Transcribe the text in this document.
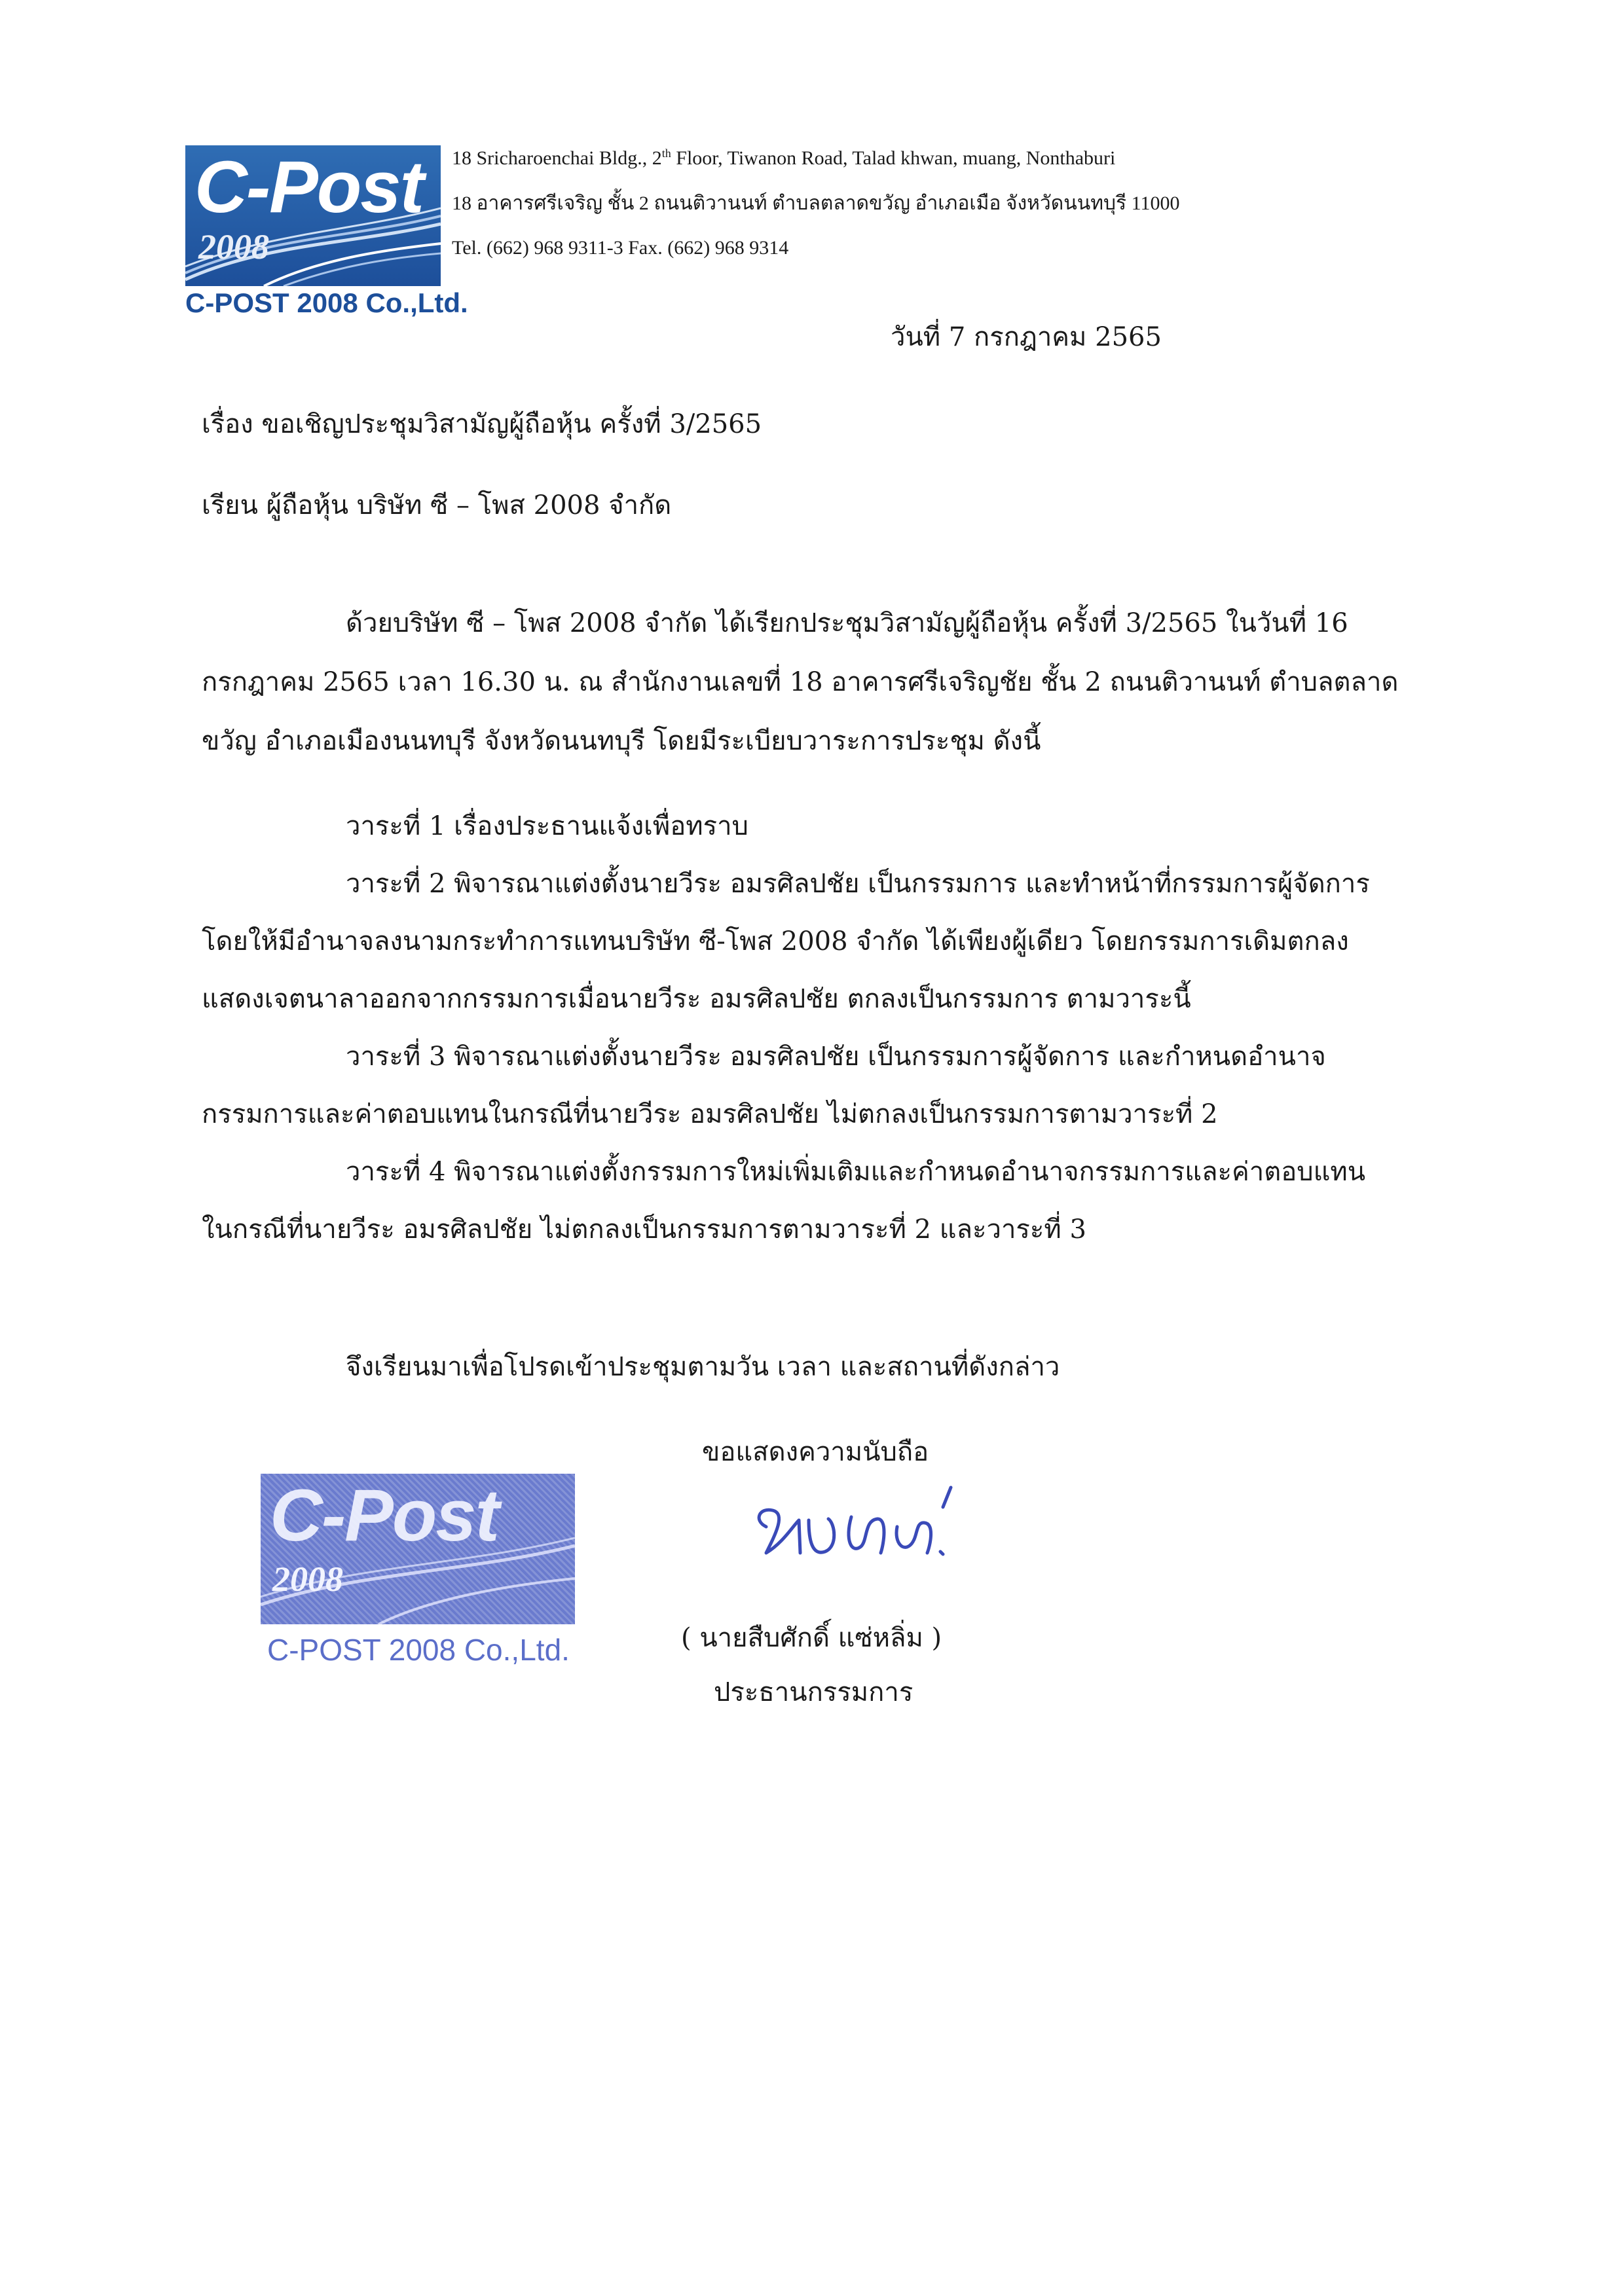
C-Post
2008
C-POST 2008 Co.,Ltd.
18 Sricharoenchai Bldg., 2th Floor, Tiwanon Road, Talad khwan, muang, Nonthaburi
18 อาคารศรีเจริญ ชั้น 2 ถนนติวานนท์ ตำบลตลาดขวัญ อำเภอเมือ จังหวัดนนทบุรี 11000
Tel. (662) 968 9311-3 Fax. (662) 968 9314
วันที่ 7 กรกฎาคม 2565
เรื่อง ขอเชิญประชุมวิสามัญผู้ถือหุ้น ครั้งที่ 3/2565
เรียน ผู้ถือหุ้น บริษัท ซี – โพส 2008 จำกัด
ด้วยบริษัท ซี – โพส 2008 จำกัด ได้เรียกประชุมวิสามัญผู้ถือหุ้น ครั้งที่ 3/2565 ในวันที่ 16
กรกฎาคม 2565 เวลา 16.30 น. ณ สำนักงานเลขที่ 18 อาคารศรีเจริญชัย ชั้น 2 ถนนติวานนท์ ตำบลตลาด
ขวัญ อำเภอเมืองนนทบุรี จังหวัดนนทบุรี โดยมีระเบียบวาระการประชุม ดังนี้
วาระที่ 1 เรื่องประธานแจ้งเพื่อทราบ
วาระที่ 2 พิจารณาแต่งตั้งนายวีระ อมรศิลปชัย เป็นกรรมการ และทำหน้าที่กรรมการผู้จัดการ
โดยให้มีอำนาจลงนามกระทำการแทนบริษัท ซี-โพส 2008 จำกัด ได้เพียงผู้เดียว โดยกรรมการเดิมตกลง
แสดงเจตนาลาออกจากกรรมการเมื่อนายวีระ อมรศิลปชัย ตกลงเป็นกรรมการ ตามวาระนี้
วาระที่ 3 พิจารณาแต่งตั้งนายวีระ อมรศิลปชัย เป็นกรรมการผู้จัดการ และกำหนดอำนาจ
กรรมการและค่าตอบแทนในกรณีที่นายวีระ อมรศิลปชัย ไม่ตกลงเป็นกรรมการตามวาระที่ 2
วาระที่ 4 พิจารณาแต่งตั้งกรรมการใหม่เพิ่มเติมและกำหนดอำนาจกรรมการและค่าตอบแทน
ในกรณีที่นายวีระ อมรศิลปชัย ไม่ตกลงเป็นกรรมการตามวาระที่ 2 และวาระที่ 3
จึงเรียนมาเพื่อโปรดเข้าประชุมตามวัน เวลา และสถานที่ดังกล่าว
ขอแสดงความนับถือ
( นายสืบศักดิ์ แซ่หลิ่ม )
ประธานกรรมการ
C-Post
2008
C-POST 2008 Co.,Ltd.
